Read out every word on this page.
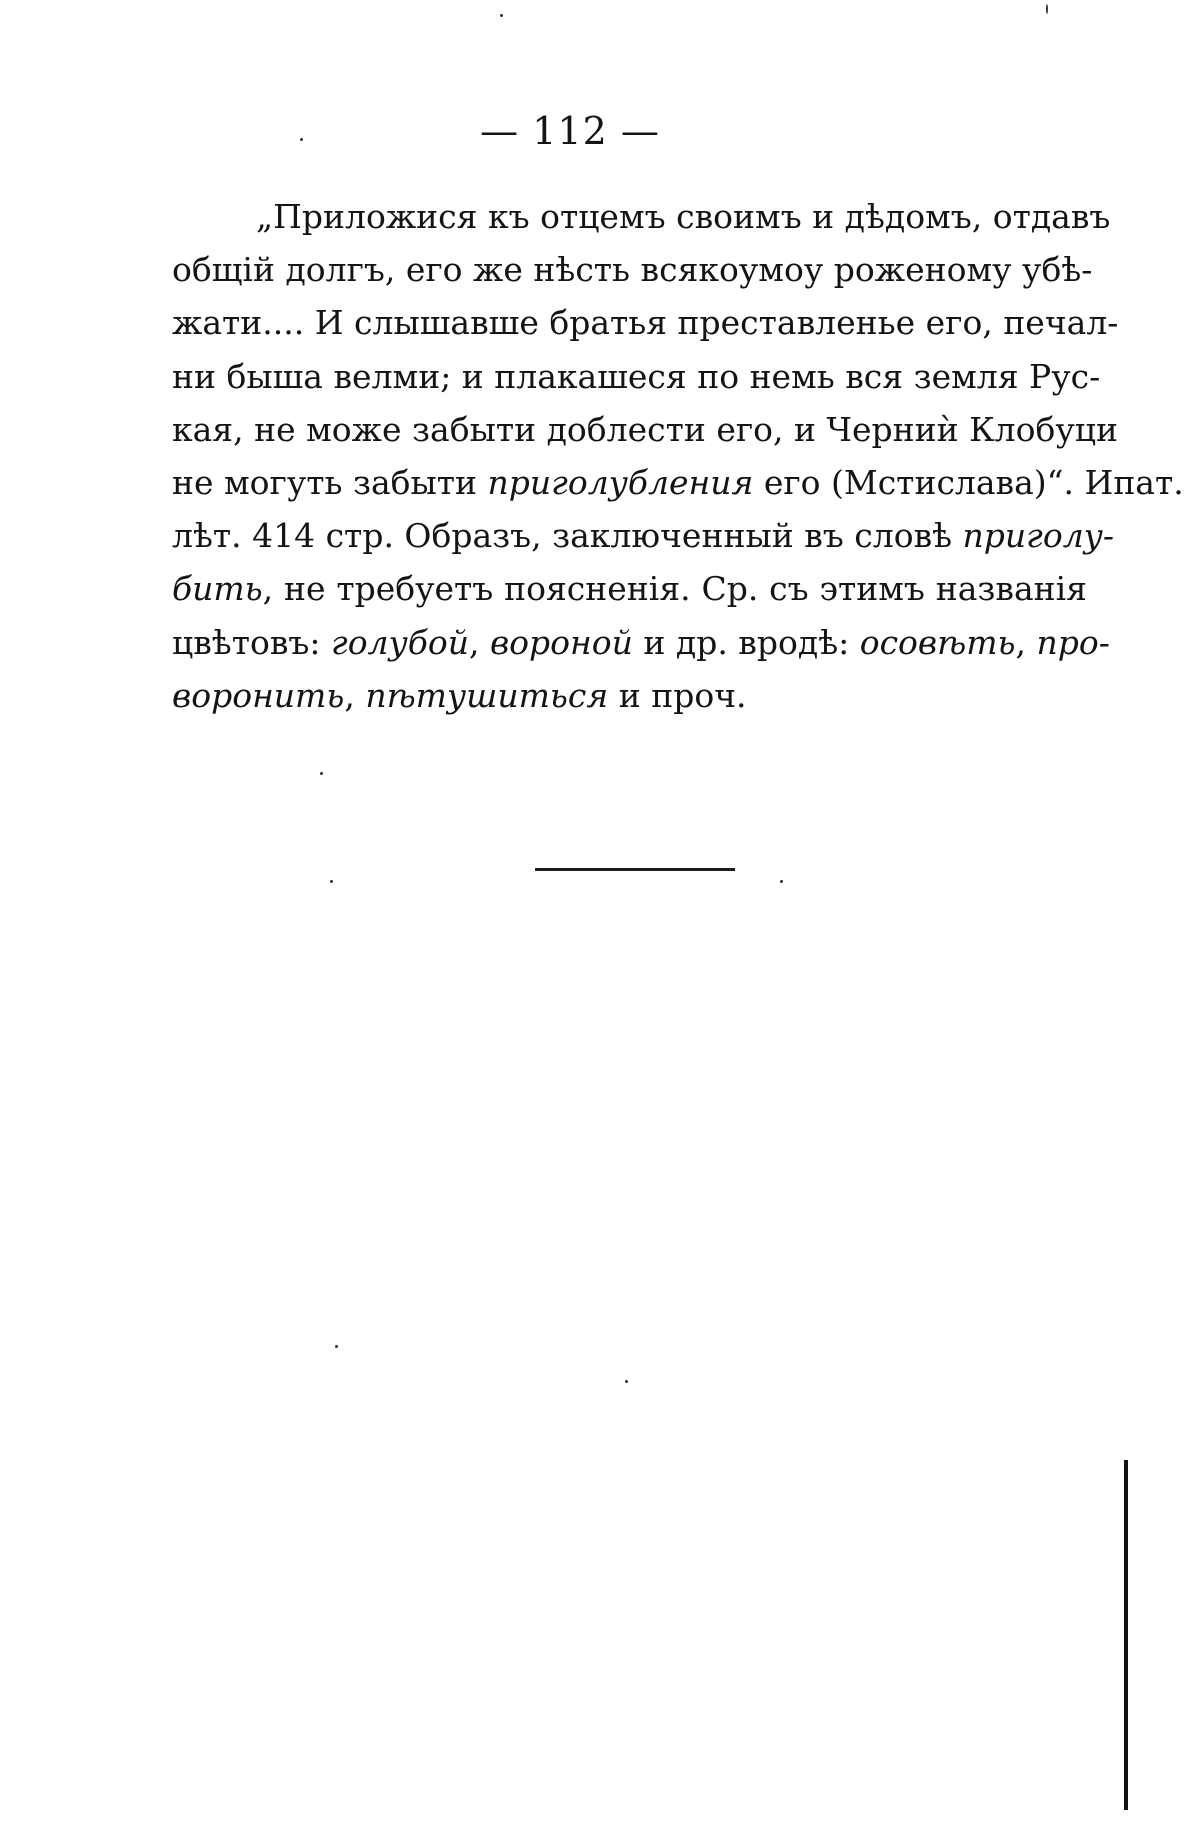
— 112 —
„Приложися къ отцемъ своимъ и дѣдомъ, отдавъ
общій долгъ, его же нѣсть всякоумоу роженому убѣ-
жати.... И слышавше братья преставленье его, печал-
ни быша велми; и плакашеся по немь вся земля Рус-
кая, не може забыти доблести его, и Черниѝ Клобуци
не могуть забыти приголубления его (Мстислава)“. Ипат.
лѣт. 414 стр. Образъ, заключенный въ словѣ приголу-
бить, не требуетъ поясненія. Ср. съ этимъ названія
цвѣтовъ: голубой, вороной и др. вродѣ: осовѣть, про-
воронить, пѣтушиться и проч.
